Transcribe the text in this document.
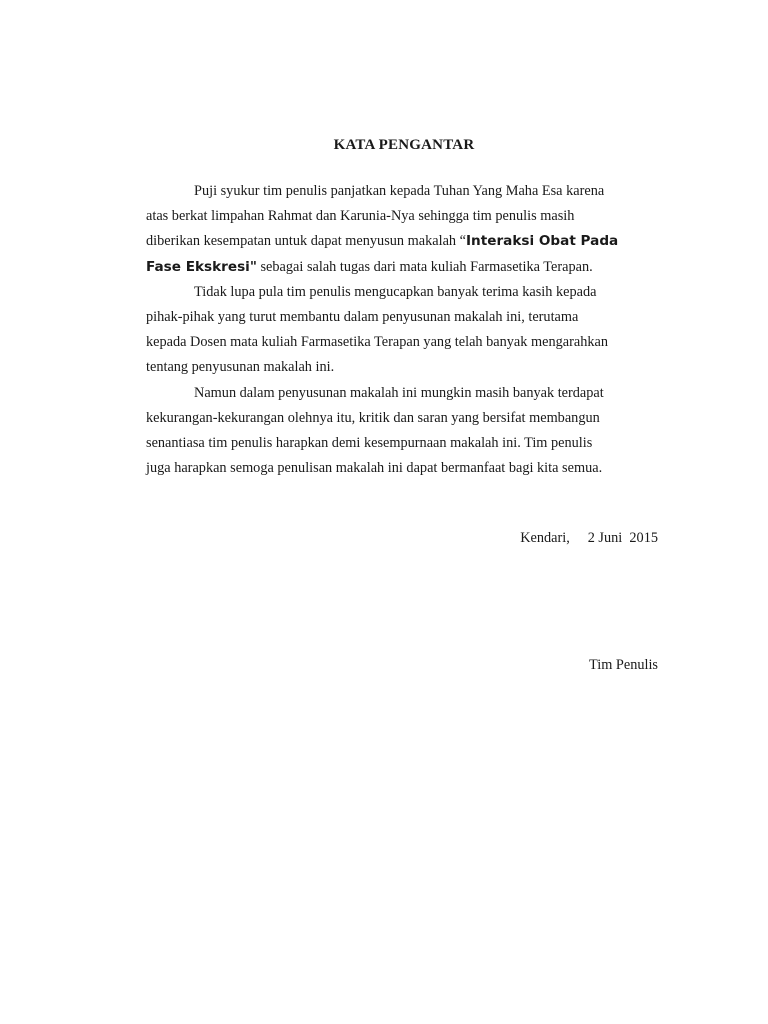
KATA PENGANTAR
Puji syukur tim penulis panjatkan kepada Tuhan Yang Maha Esa karena
atas berkat limpahan Rahmat dan Karunia-Nya sehingga tim penulis masih
diberikan kesempatan untuk dapat menyusun makalah “Interaksi Obat Pada
Fase Ekskresi" sebagai salah tugas dari mata kuliah Farmasetika Terapan.
Tidak lupa pula tim penulis mengucapkan banyak terima kasih kepada
pihak-pihak yang turut membantu dalam penyusunan makalah ini, terutama
kepada Dosen mata kuliah Farmasetika Terapan yang telah banyak mengarahkan
tentang penyusunan makalah ini.
Namun dalam penyusunan makalah ini mungkin masih banyak terdapat
kekurangan-kekurangan olehnya itu, kritik dan saran yang bersifat membangun
senantiasa tim penulis harapkan demi kesempurnaan makalah ini. Tim penulis
juga harapkan semoga penulisan makalah ini dapat bermanfaat bagi kita semua.
Kendari,     2 Juni  2015
Tim Penulis
